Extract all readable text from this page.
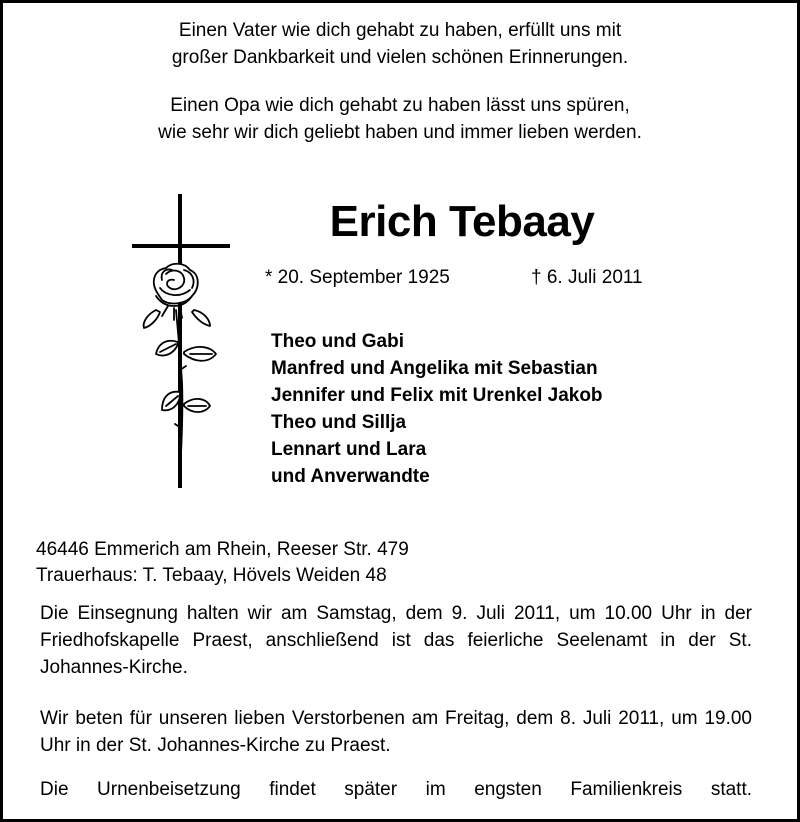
Einen Vater wie dich gehabt zu haben, erfüllt uns mit

großer Dankbarkeit und vielen schönen Erinnerungen.

Einen Opa wie dich gehabt zu haben lässt uns spüren,

wie sehr wir dich geliebt haben und immer lieben werden.

Erich Tebaay
* 20. September 1925	† 6. Juli 2011
Theo und Gabi
Manfred und Angelika mit Sebastian
Jennifer und Felix mit Urenkel Jakob
Theo und Sillja
Lennart und Lara
und Anverwandte
46446 Emmerich am Rhein, Reeser Str. 479
Trauerhaus: T. Tebaay, Hövels Weiden 48
Die Einsegnung halten wir am Samstag, dem 9. Juli 2011, um 10.00 Uhr in der Friedhofskapelle Praest, anschließend ist das feierliche Seelenamt in der St. Johannes-Kirche.
Wir beten für unseren lieben Verstorbenen am Freitag, dem 8. Juli 2011, um 19.00 Uhr in der St. Johannes-Kirche zu Praest.
Die Urnenbeisetzung findet später im engsten Familienkreis statt.
